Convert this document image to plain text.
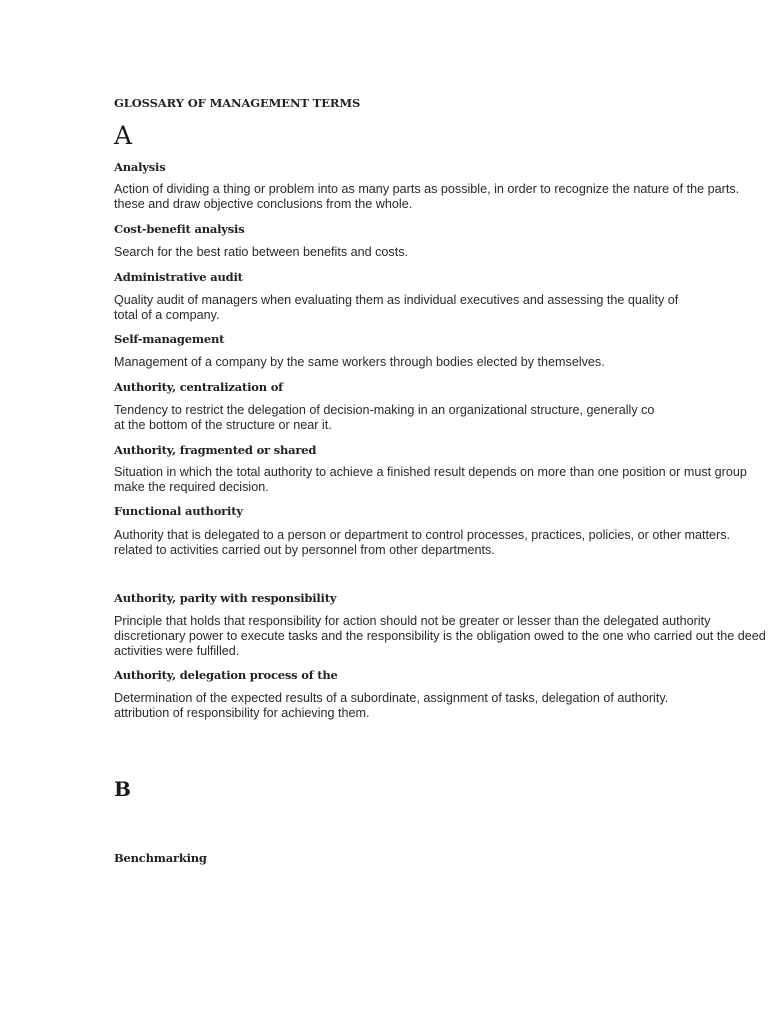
GLOSSARY OF MANAGEMENT TERMS
A
Analysis
Action of dividing a thing or problem into as many parts as possible, in order to recognize the nature of the parts.
these and draw objective conclusions from the whole.
Cost-benefit analysis
Search for the best ratio between benefits and costs.
Administrative audit
Quality audit of managers when evaluating them as individual executives and assessing the quality of
total of a company.
Self-management
Management of a company by the same workers through bodies elected by themselves.
Authority, centralization of
Tendency to restrict the delegation of decision-making in an organizational structure, generally co
at the bottom of the structure or near it.
Authority, fragmented or shared
Situation in which the total authority to achieve a finished result depends on more than one position or must group
make the required decision.
Functional authority
Authority that is delegated to a person or department to control processes, practices, policies, or other matters.
related to activities carried out by personnel from other departments.
Authority, parity with responsibility
Principle that holds that responsibility for action should not be greater or lesser than the delegated authority
discretionary power to execute tasks and the responsibility is the obligation owed to the one who carried out the deed
activities were fulfilled.
Authority, delegation process of the
Determination of the expected results of a subordinate, assignment of tasks, delegation of authority.
attribution of responsibility for achieving them.
B
Benchmarking
